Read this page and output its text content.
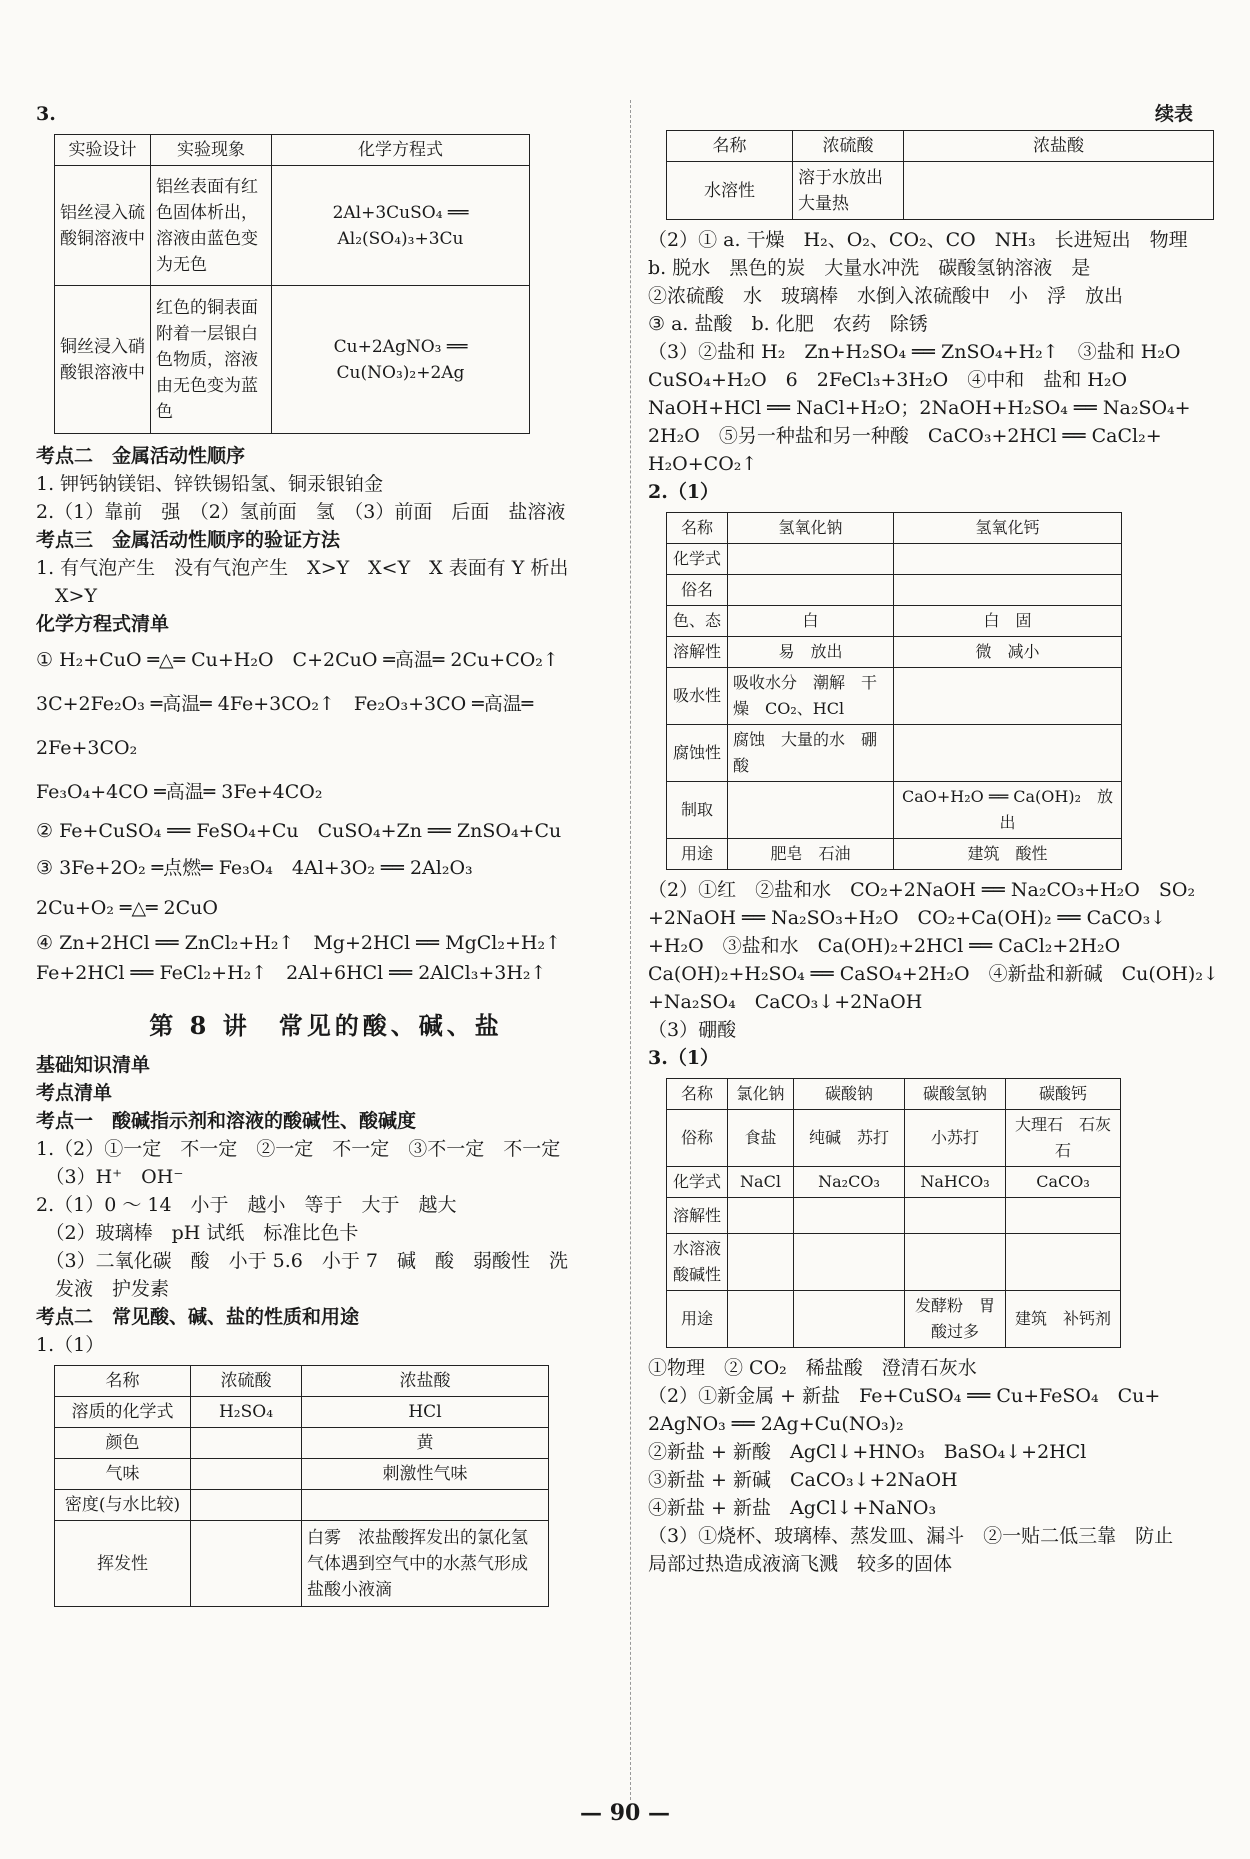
3.

实验设计	实验现象	化学方程式
铝丝浸入硫酸铜溶液中	铝丝表面有红色固体析出，溶液由蓝色变为无色	2Al+3CuSO₄ ══ Al₂(SO₄)₃+3Cu
铜丝浸入硝酸银溶液中	红色的铜表面附着一层银白色物质，溶液由无色变为蓝色	Cu+2AgNO₃ ══ Cu(NO₃)₂+2Ag

考点二　金属活动性顺序

1. 钾钙钠镁铝、锌铁锡铅氢、铜汞银铂金

2.（1）靠前　强　（2）氢前面　氢　（3）前面　后面　盐溶液

考点三　金属活动性顺序的验证方法

1. 有气泡产生　没有气泡产生　X>Y　X<Y　X 表面有 Y 析出

　X>Y

化学方程式清单

① H₂+CuO ═△═ Cu+H₂O　C+2CuO ═高温═ 2Cu+CO₂↑

3C+2Fe₂O₃ ═高温═ 4Fe+3CO₂↑　Fe₂O₃+3CO ═高温═ 2Fe+3CO₂

Fe₃O₄+4CO ═高温═ 3Fe+4CO₂

② Fe+CuSO₄ ══ FeSO₄+Cu　CuSO₄+Zn ══ ZnSO₄+Cu

③ 3Fe+2O₂ ═点燃═ Fe₃O₄　4Al+3O₂ ══ 2Al₂O₃

2Cu+O₂ ═△═ 2CuO

④ Zn+2HCl ══ ZnCl₂+H₂↑　Mg+2HCl ══ MgCl₂+H₂↑

Fe+2HCl ══ FeCl₂+H₂↑　2Al+6HCl ══ 2AlCl₃+3H₂↑

第 8 讲　常见的酸、碱、盐

基础知识清单

考点清单

考点一　酸碱指示剂和溶液的酸碱性、酸碱度

1.（2）①一定　不一定　②一定　不一定　③不一定　不一定

　（3）H⁺　OH⁻

2.（1）0 ～ 14　小于　越小　等于　大于　越大

　（2）玻璃棒　pH 试纸　标准比色卡

　（3）二氧化碳　酸　小于 5.6　小于 7　碱　酸　弱酸性　洗

　发液　护发素

考点二　常见酸、碱、盐的性质和用途

1.（1）

名称	浓硫酸	浓盐酸
溶质的化学式	H₂SO₄	HCl
颜色		黄
气味		刺激性气味
密度(与水比较)		
挥发性		白雾　浓盐酸挥发出的氯化氢气体遇到空气中的水蒸气形成盐酸小液滴

续表

名称	浓硫酸	浓盐酸
水溶性	溶于水放出大量热	

（2）① a. 干燥　H₂、O₂、CO₂、CO　NH₃　长进短出　物理

b. 脱水　黑色的炭　大量水冲洗　碳酸氢钠溶液　是

②浓硫酸　水　玻璃棒　水倒入浓硫酸中　小　浮　放出

③ a. 盐酸　b. 化肥　农药　除锈

（3）②盐和 H₂　Zn+H₂SO₄ ══ ZnSO₄+H₂↑　③盐和 H₂O

CuSO₄+H₂O　6　2FeCl₃+3H₂O　④中和　盐和 H₂O

NaOH+HCl ══ NaCl+H₂O；2NaOH+H₂SO₄ ══ Na₂SO₄+

2H₂O　⑤另一种盐和另一种酸　CaCO₃+2HCl ══ CaCl₂+

H₂O+CO₂↑

2.（1）

名称	氢氧化钠	氢氧化钙
化学式		
俗名		
色、态	白	白　固
溶解性	易　放出	微　减小
吸水性	吸收水分　潮解　干燥　CO₂、HCl	
腐蚀性	腐蚀　大量的水　硼酸	
制取		CaO+H₂O ══ Ca(OH)₂　放出
用途	肥皂　石油	建筑　酸性

（2）①红　②盐和水　CO₂+2NaOH ══ Na₂CO₃+H₂O　SO₂

+2NaOH ══ Na₂SO₃+H₂O　CO₂+Ca(OH)₂ ══ CaCO₃↓

+H₂O　③盐和水　Ca(OH)₂+2HCl ══ CaCl₂+2H₂O

Ca(OH)₂+H₂SO₄ ══ CaSO₄+2H₂O　④新盐和新碱　Cu(OH)₂↓

+Na₂SO₄　CaCO₃↓+2NaOH

（3）硼酸

3.（1）

名称	氯化钠	碳酸钠	碳酸氢钠	碳酸钙
俗称	食盐	纯碱　苏打	小苏打	大理石　石灰石
化学式	NaCl	Na₂CO₃	NaHCO₃	CaCO₃
溶解性				
水溶液酸碱性				
用途			发酵粉　胃酸过多	建筑　补钙剂

①物理　② CO₂　稀盐酸　澄清石灰水

（2）①新金属 + 新盐　Fe+CuSO₄ ══ Cu+FeSO₄　Cu+

2AgNO₃ ══ 2Ag+Cu(NO₃)₂

②新盐 + 新酸　AgCl↓+HNO₃　BaSO₄↓+2HCl

③新盐 + 新碱　CaCO₃↓+2NaOH

④新盐 + 新盐　AgCl↓+NaNO₃

（3）①烧杯、玻璃棒、蒸发皿、漏斗　②一贴二低三靠　防止

局部过热造成液滴飞溅　较多的固体

— 90 —
